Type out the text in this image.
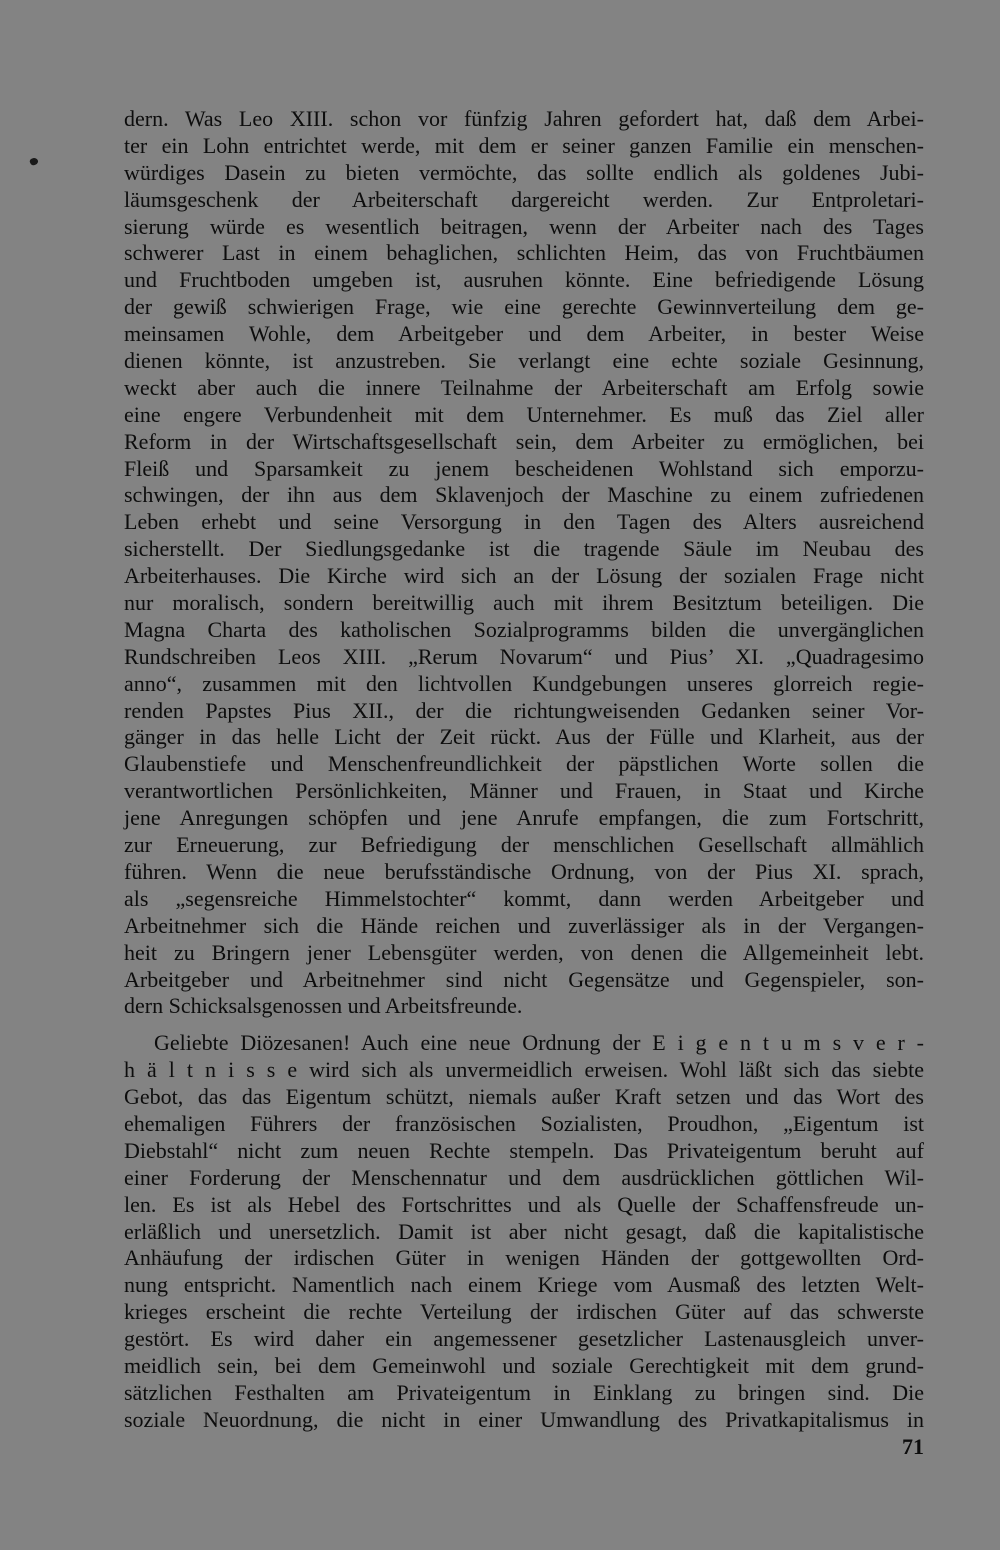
dern. Was Leo XIII. schon vor fünfzig Jahren gefordert hat, daß dem Arbei-
ter ein Lohn entrichtet werde, mit dem er seiner ganzen Familie ein menschen-
würdiges Dasein zu bieten vermöchte, das sollte endlich als goldenes Jubi-
läumsgeschenk der Arbeiterschaft dargereicht werden. Zur Entproletari-
sierung würde es wesentlich beitragen, wenn der Arbeiter nach des Tages
schwerer Last in einem behaglichen, schlichten Heim, das von Fruchtbäumen
und Fruchtboden umgeben ist, ausruhen könnte. Eine befriedigende Lösung
der gewiß schwierigen Frage, wie eine gerechte Gewinnverteilung dem ge-
meinsamen Wohle, dem Arbeitgeber und dem Arbeiter, in bester Weise
dienen könnte, ist anzustreben. Sie verlangt eine echte soziale Gesinnung,
weckt aber auch die innere Teilnahme der Arbeiterschaft am Erfolg sowie
eine engere Verbundenheit mit dem Unternehmer. Es muß das Ziel aller
Reform in der Wirtschaftsgesellschaft sein, dem Arbeiter zu ermöglichen, bei
Fleiß und Sparsamkeit zu jenem bescheidenen Wohlstand sich emporzu-
schwingen, der ihn aus dem Sklavenjoch der Maschine zu einem zufriedenen
Leben erhebt und seine Versorgung in den Tagen des Alters ausreichend
sicherstellt. Der Siedlungsgedanke ist die tragende Säule im Neubau des
Arbeiterhauses. Die Kirche wird sich an der Lösung der sozialen Frage nicht
nur moralisch, sondern bereitwillig auch mit ihrem Besitztum beteiligen. Die
Magna Charta des katholischen Sozialprogramms bilden die unvergänglichen
Rundschreiben Leos XIII. „Rerum Novarum“ und Pius’ XI. „Quadragesimo
anno“, zusammen mit den lichtvollen Kundgebungen unseres glorreich regie-
renden Papstes Pius XII., der die richtungweisenden Gedanken seiner Vor-
gänger in das helle Licht der Zeit rückt. Aus der Fülle und Klarheit, aus der
Glaubenstiefe und Menschenfreundlichkeit der päpstlichen Worte sollen die
verantwortlichen Persönlichkeiten, Männer und Frauen, in Staat und Kirche
jene Anregungen schöpfen und jene Anrufe empfangen, die zum Fortschritt,
zur Erneuerung, zur Befriedigung der menschlichen Gesellschaft allmählich
führen. Wenn die neue berufsständische Ordnung, von der Pius XI. sprach,
als „segensreiche Himmelstochter“ kommt, dann werden Arbeitgeber und
Arbeitnehmer sich die Hände reichen und zuverlässiger als in der Vergangen-
heit zu Bringern jener Lebensgüter werden, von denen die Allgemeinheit lebt.
Arbeitgeber und Arbeitnehmer sind nicht Gegensätze und Gegenspieler, son-
dern Schicksalsgenossen und Arbeitsfreunde.
Geliebte Diözesanen! Auch eine neue Ordnung der E i g e n t u m s v e r -
h ä l t n i s s e wird sich als unvermeidlich erweisen. Wohl läßt sich das siebte
Gebot, das das Eigentum schützt, niemals außer Kraft setzen und das Wort des
ehemaligen Führers der französischen Sozialisten, Proudhon, „Eigentum ist
Diebstahl“ nicht zum neuen Rechte stempeln. Das Privateigentum beruht auf
einer Forderung der Menschennatur und dem ausdrücklichen göttlichen Wil-
len. Es ist als Hebel des Fortschrittes und als Quelle der Schaffensfreude un-
erläßlich und unersetzlich. Damit ist aber nicht gesagt, daß die kapitalistische
Anhäufung der irdischen Güter in wenigen Händen der gottgewollten Ord-
nung entspricht. Namentlich nach einem Kriege vom Ausmaß des letzten Welt-
krieges erscheint die rechte Verteilung der irdischen Güter auf das schwerste
gestört. Es wird daher ein angemessener gesetzlicher Lastenausgleich unver-
meidlich sein, bei dem Gemeinwohl und soziale Gerechtigkeit mit dem grund-
sätzlichen Festhalten am Privateigentum in Einklang zu bringen sind. Die
soziale Neuordnung, die nicht in einer Umwandlung des Privatkapitalismus in
71
